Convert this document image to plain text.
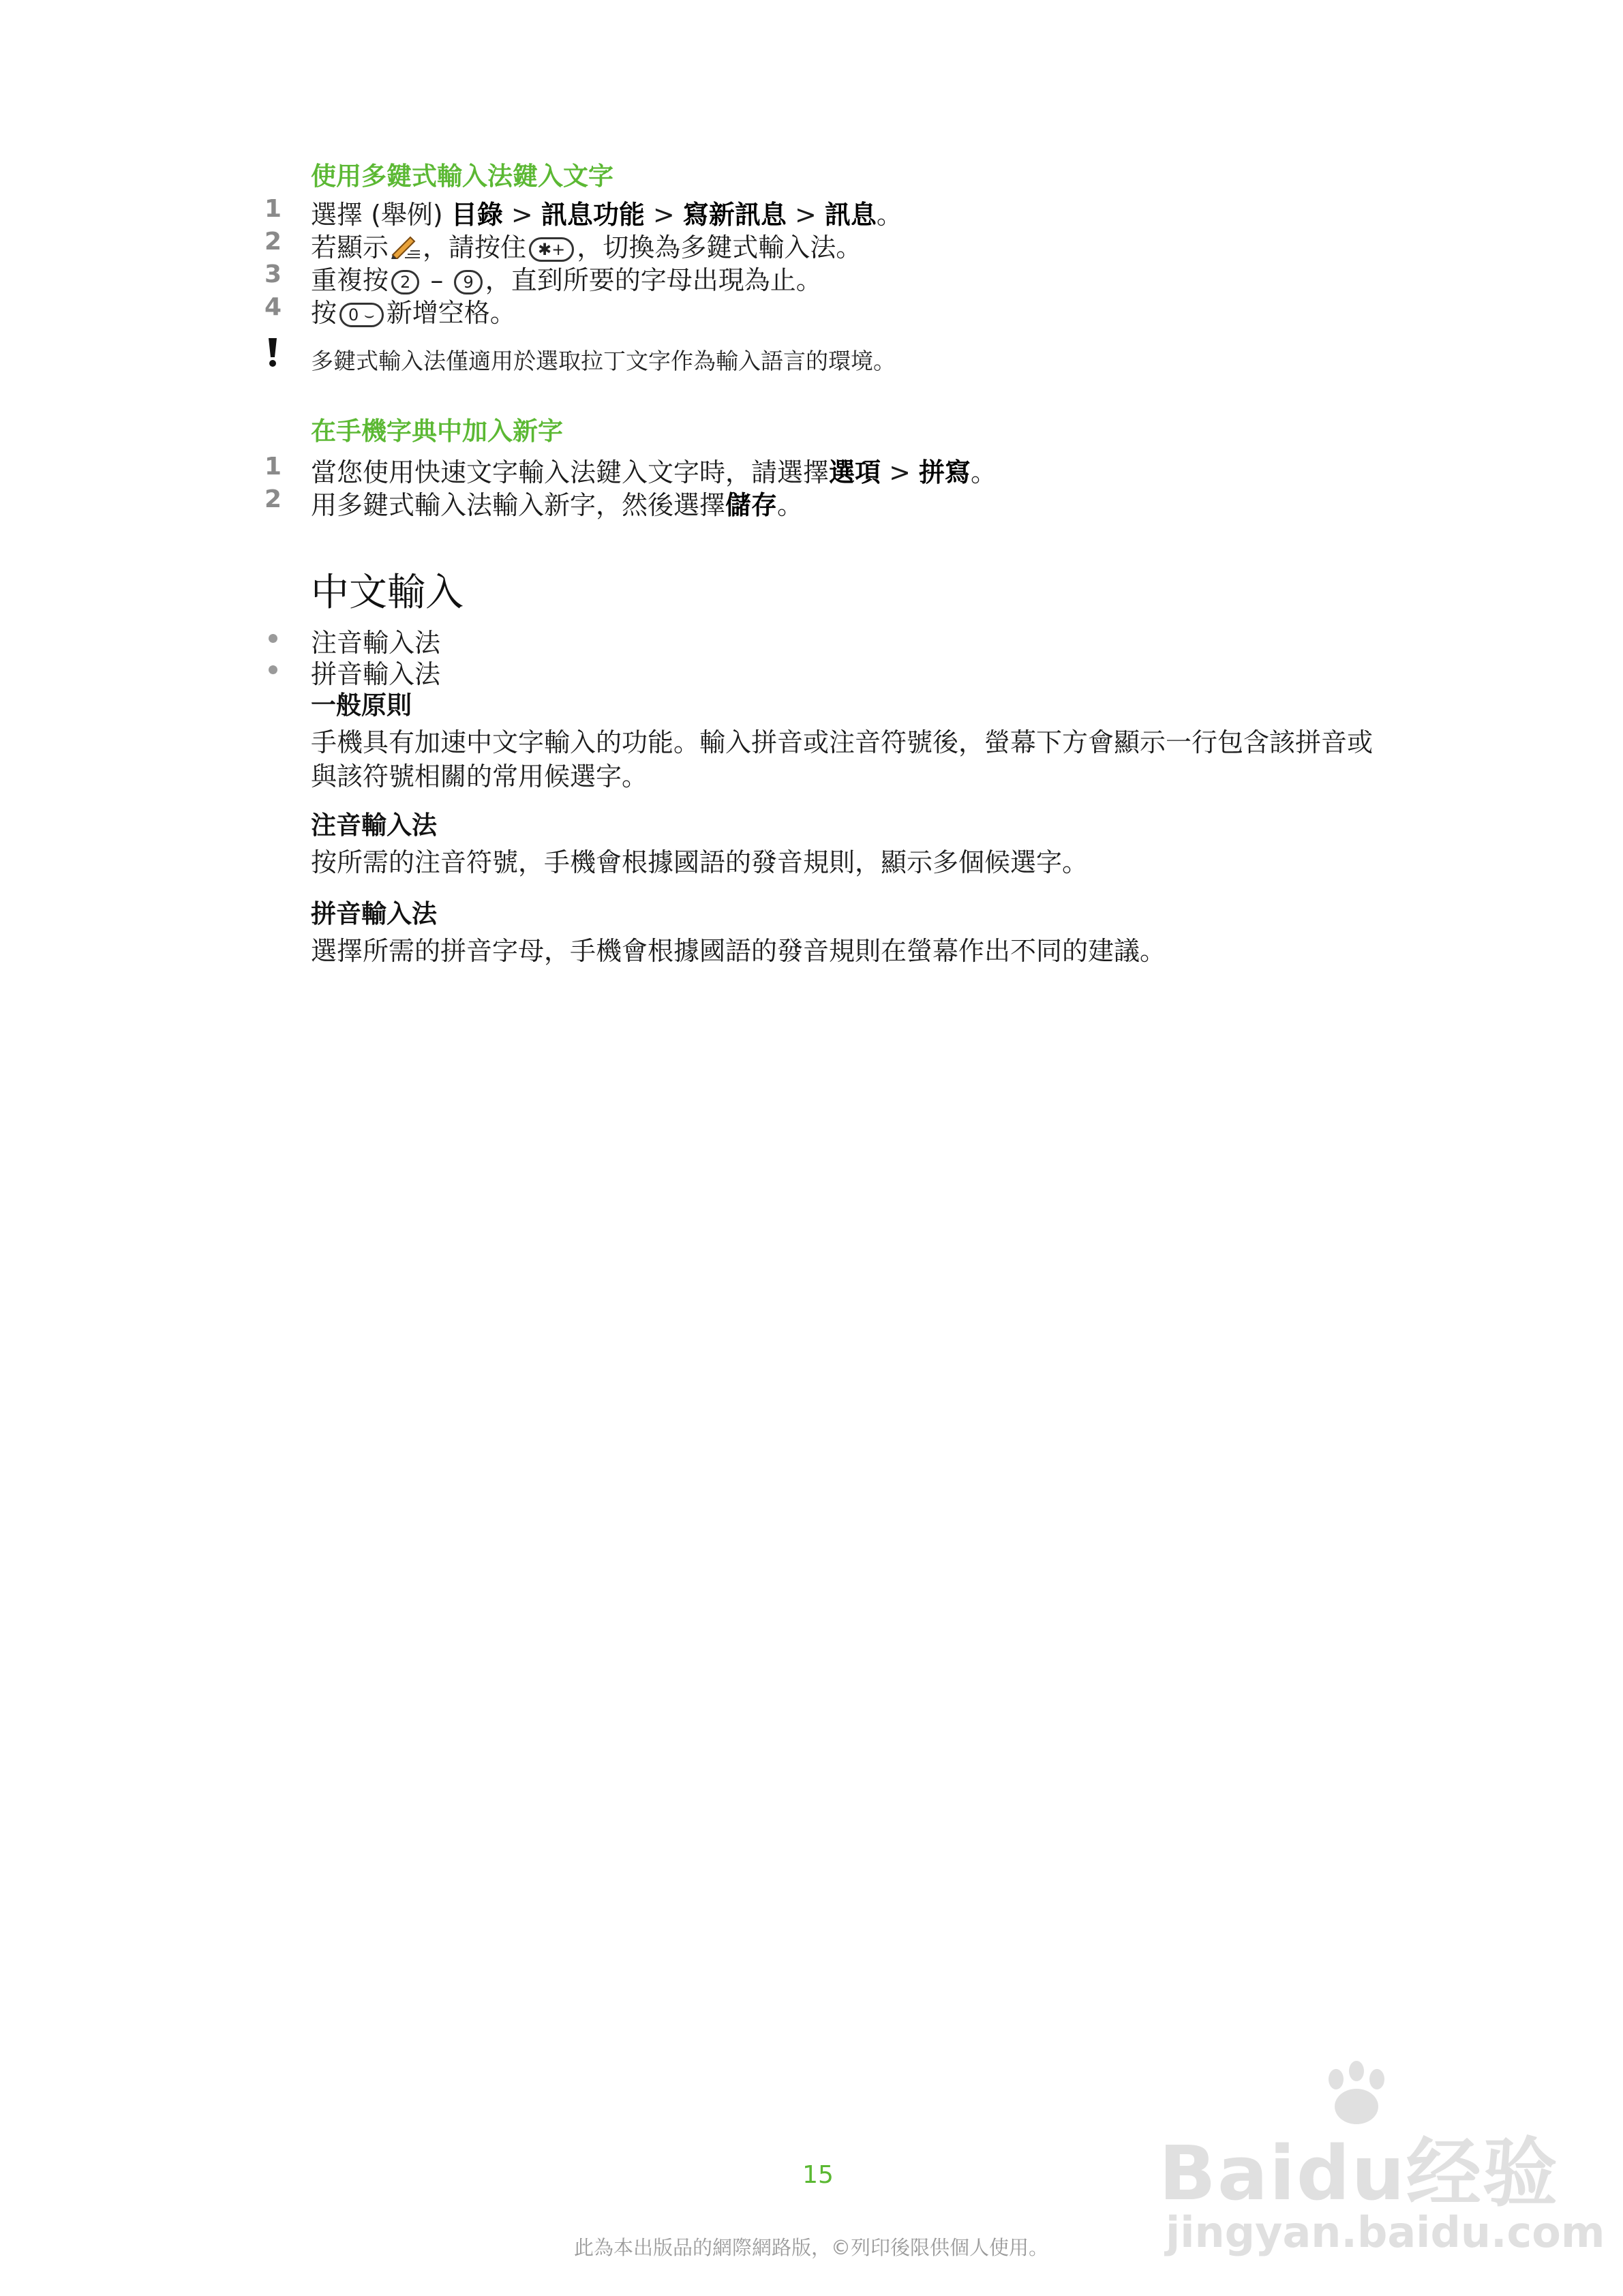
使用多鍵式輸入法鍵入文字
1 選擇 (舉例) 目錄 > 訊息功能 > 寫新訊息 > 訊息。
2 若顯示 ，請按住 ✱+ ，切換為多鍵式輸入法。
3 重複按 2 – 9 ，直到所要的字母出現為止。
4 按 0 ⌣ 新增空格。
多鍵式輸入法僅適用於選取拉丁文字作為輸入語言的環境。
在手機字典中加入新字
1 當您使用快速文字輸入法鍵入文字時，請選擇選項 > 拼寫。
2 用多鍵式輸入法輸入新字，然後選擇儲存。
中文輸入
注音輸入法
拼音輸入法
一般原則
手機具有加速中文字輸入的功能。輸入拼音或注音符號後，螢幕下方會顯示一行包含該拼音或與該符號相關的常用候選字。
注音輸入法
按所需的注音符號，手機會根據國語的發音規則，顯示多個候選字。
拼音輸入法
選擇所需的拼音字母，手機會根據國語的發音規則在螢幕作出不同的建議。
15
此為本出版品的網際網路版，©列印後限供個人使用。
Baidu经验
jingyan.baidu.com
